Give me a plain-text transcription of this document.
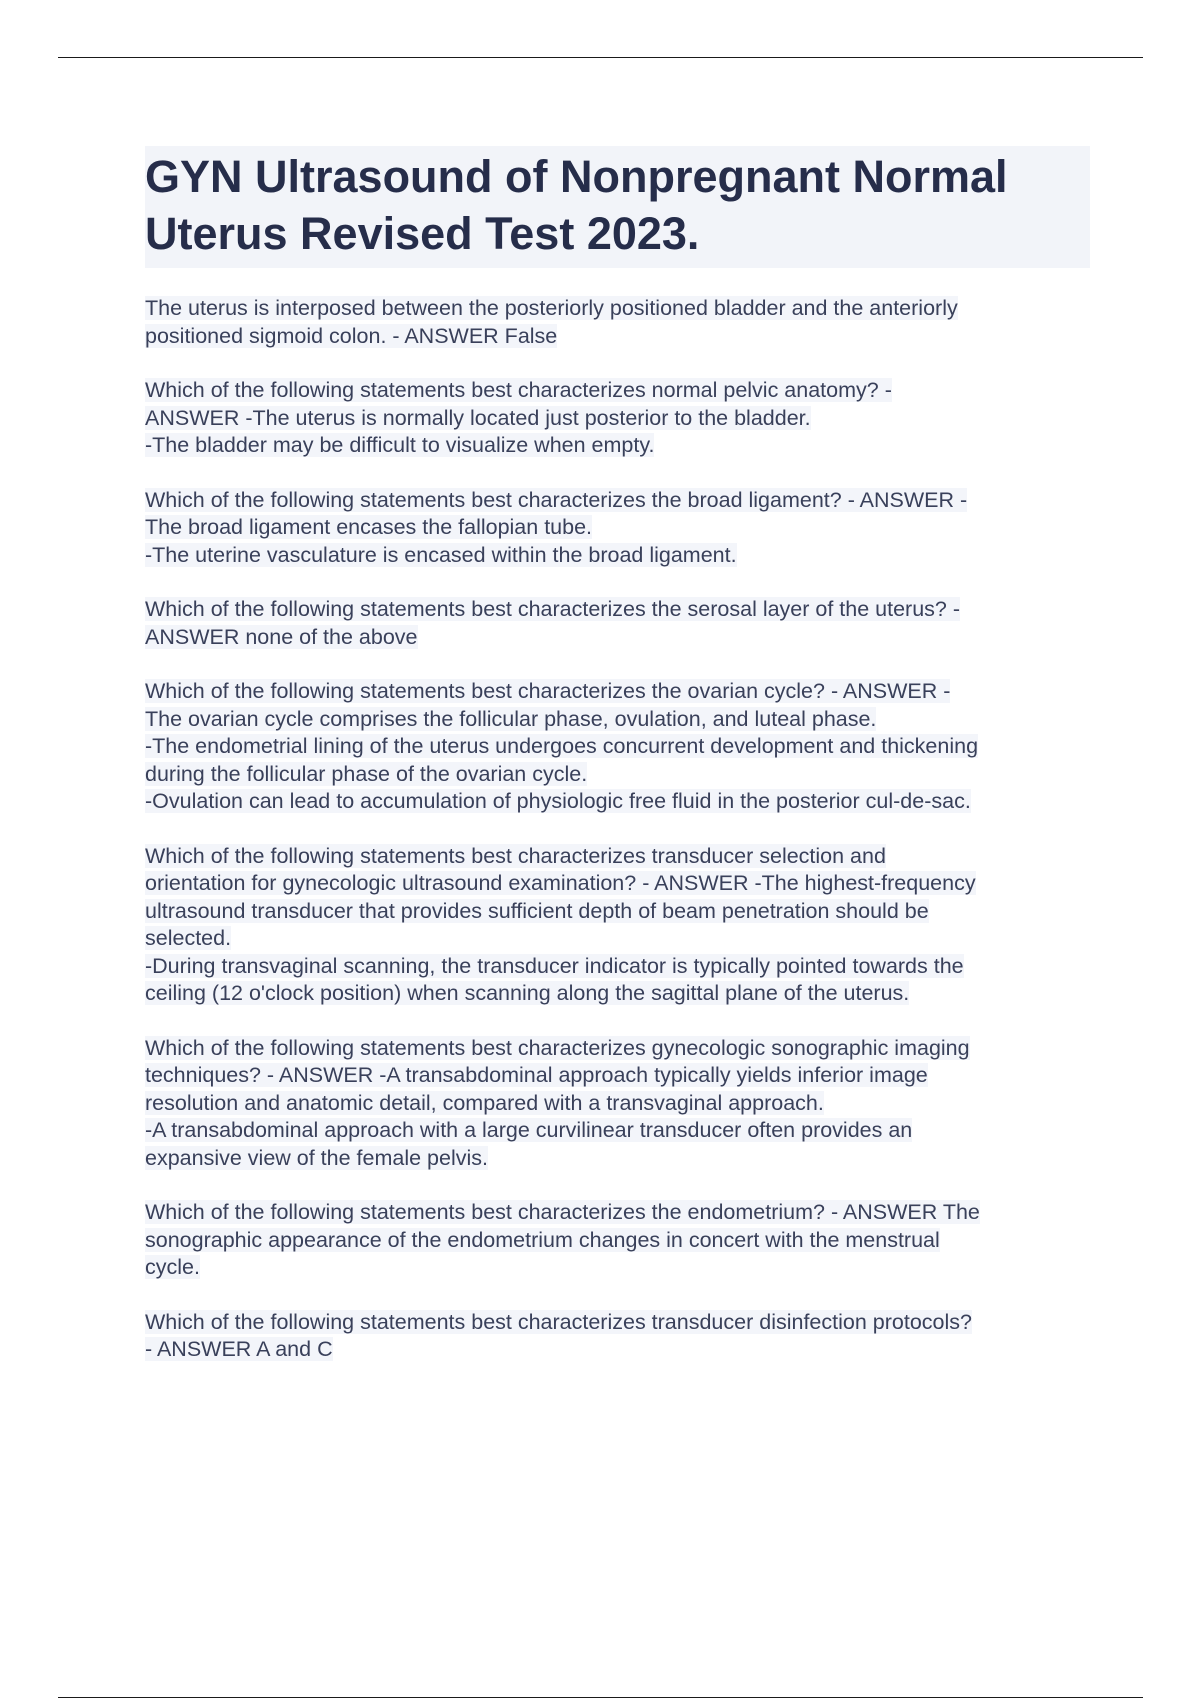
GYN Ultrasound of Nonpregnant Normal Uterus Revised Test 2023.
The uterus is interposed between the posteriorly positioned bladder and the anteriorly
positioned sigmoid colon. - ANSWER False
Which of the following statements best characterizes normal pelvic anatomy? -
ANSWER -The uterus is normally located just posterior to the bladder.
-The bladder may be difficult to visualize when empty.
Which of the following statements best characterizes the broad ligament? - ANSWER -
The broad ligament encases the fallopian tube.
-The uterine vasculature is encased within the broad ligament.
Which of the following statements best characterizes the serosal layer of the uterus? -
ANSWER none of the above
Which of the following statements best characterizes the ovarian cycle? - ANSWER -
The ovarian cycle comprises the follicular phase, ovulation, and luteal phase.
-The endometrial lining of the uterus undergoes concurrent development and thickening
during the follicular phase of the ovarian cycle.
-Ovulation can lead to accumulation of physiologic free fluid in the posterior cul-de-sac.
Which of the following statements best characterizes transducer selection and
orientation for gynecologic ultrasound examination? - ANSWER -The highest-frequency
ultrasound transducer that provides sufficient depth of beam penetration should be
selected.
-During transvaginal scanning, the transducer indicator is typically pointed towards the
ceiling (12 o'clock position) when scanning along the sagittal plane of the uterus.
Which of the following statements best characterizes gynecologic sonographic imaging
techniques? - ANSWER -A transabdominal approach typically yields inferior image
resolution and anatomic detail, compared with a transvaginal approach.
-A transabdominal approach with a large curvilinear transducer often provides an
expansive view of the female pelvis.
Which of the following statements best characterizes the endometrium? - ANSWER The
sonographic appearance of the endometrium changes in concert with the menstrual
cycle.
Which of the following statements best characterizes transducer disinfection protocols?
- ANSWER A and C
